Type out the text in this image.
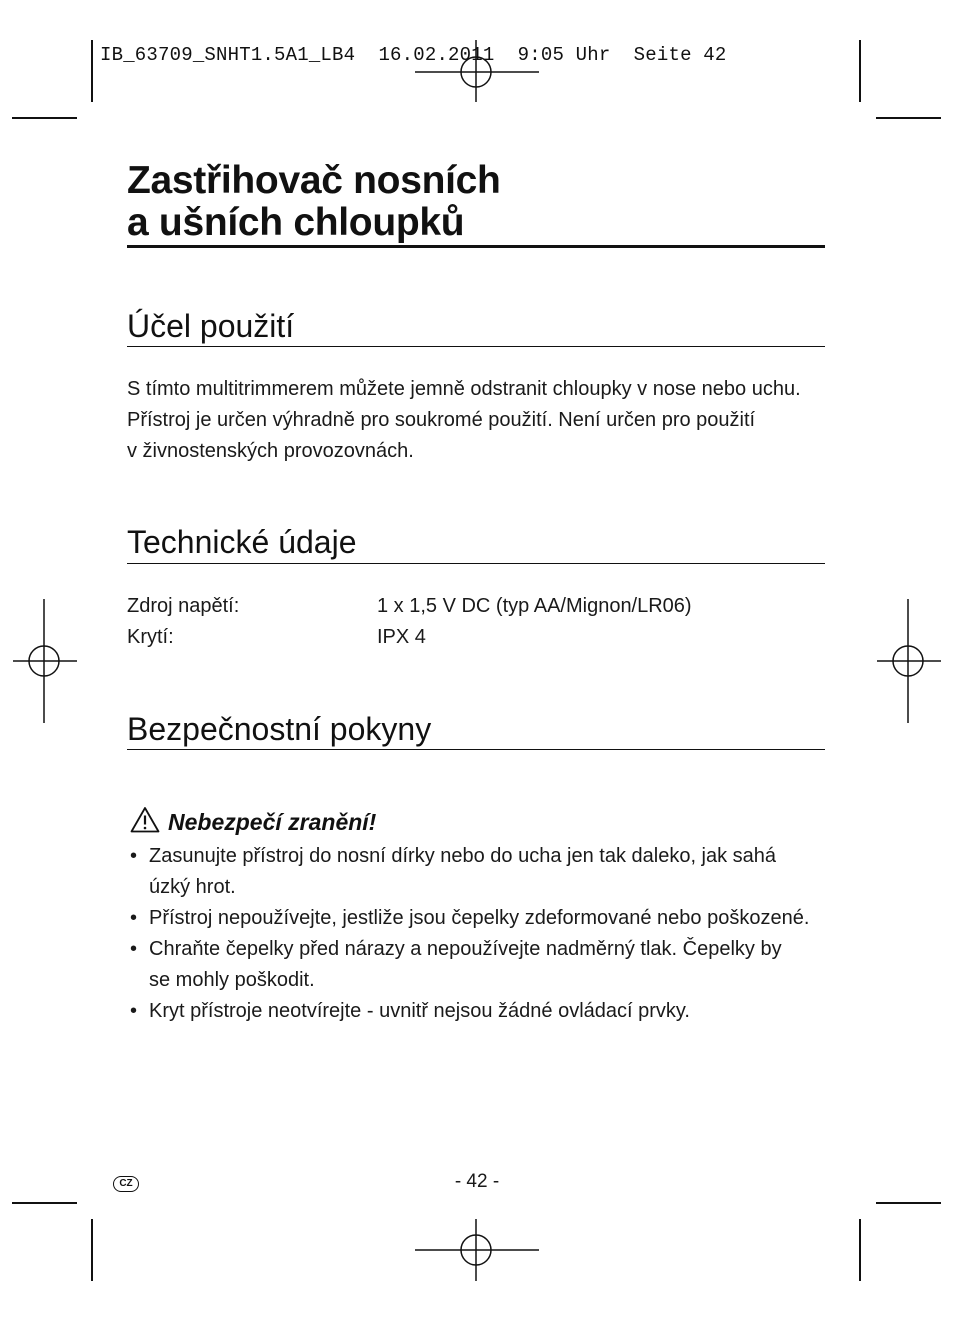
IB_63709_SNHT1.5A1_LB4  16.02.2011  9:05 Uhr  Seite 42
Zastřihovač nosních
a ušních chloupků
Účel použití
S tímto multitrimmerem můžete jemně odstranit chloupky v nose nebo uchu.
Přístroj je určen výhradně pro soukromé použití. Není určen pro použití
v živnostenských provozovnách.
Technické údaje
Zdroj napětí:	1 x 1,5 V DC (typ AA/Mignon/LR06)
Krytí:	IPX 4
Bezpečnostní pokyny
Nebezpečí zranění!
• Zasunujte přístroj do nosní dírky nebo do ucha jen tak daleko, jak sahá
úzký hrot.
• Přístroj nepoužívejte, jestliže jsou čepelky zdeformované nebo poškozené.
• Chraňte čepelky před nárazy a nepoužívejte nadměrný tlak. Čepelky by
se mohly poškodit.
• Kryt přístroje neotvírejte - uvnitř nejsou žádné ovládací prvky.
CZ	- 42 -
